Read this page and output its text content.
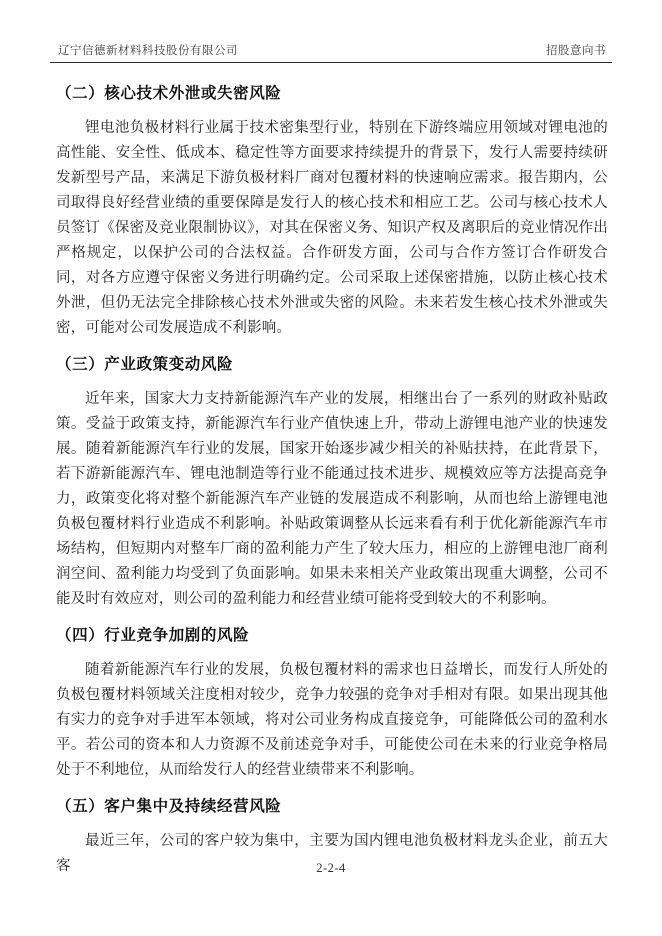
辽宁信德新材料科技股份有限公司	招股意向书
（二）核心技术外泄或失密风险

锂电池负极材料行业属于技术密集型行业，特别在下游终端应用领域对锂电池的高性能、安全性、低成本、稳定性等方面要求持续提升的背景下，发行人需要持续研发新型号产品，来满足下游负极材料厂商对包覆材料的快速响应需求。报告期内，公司取得良好经营业绩的重要保障是发行人的核心技术和相应工艺。公司与核心技术人员签订《保密及竞业限制协议》，对其在保密义务、知识产权及离职后的竞业情况作出严格规定，以保护公司的合法权益。合作研发方面，公司与合作方签订合作研发合同，对各方应遵守保密义务进行明确约定。公司采取上述保密措施，以防止核心技术外泄，但仍无法完全排除核心技术外泄或失密的风险。未来若发生核心技术外泄或失密，可能对公司发展造成不利影响。

（三）产业政策变动风险

近年来，国家大力支持新能源汽车产业的发展，相继出台了一系列的财政补贴政策。受益于政策支持，新能源汽车行业产值快速上升，带动上游锂电池产业的快速发展。随着新能源汽车行业的发展，国家开始逐步减少相关的补贴扶持，在此背景下，若下游新能源汽车、锂电池制造等行业不能通过技术进步、规模效应等方法提高竞争力，政策变化将对整个新能源汽车产业链的发展造成不利影响，从而也给上游锂电池负极包覆材料行业造成不利影响。补贴政策调整从长远来看有利于优化新能源汽车市场结构，但短期内对整车厂商的盈利能力产生了较大压力，相应的上游锂电池厂商利润空间、盈利能力均受到了负面影响。如果未来相关产业政策出现重大调整，公司不能及时有效应对，则公司的盈利能力和经营业绩可能将受到较大的不利影响。

（四）行业竞争加剧的风险

随着新能源汽车行业的发展，负极包覆材料的需求也日益增长，而发行人所处的负极包覆材料领域关注度相对较少，竞争力较强的竞争对手相对有限。如果出现其他有实力的竞争对手进军本领域，将对公司业务构成直接竞争，可能降低公司的盈利水平。若公司的资本和人力资源不及前述竞争对手，可能使公司在未来的行业竞争格局处于不利地位，从而给发行人的经营业绩带来不利影响。

（五）客户集中及持续经营风险

最近三年，公司的客户较为集中，主要为国内锂电池负极材料龙头企业，前五大客	2-2-4
